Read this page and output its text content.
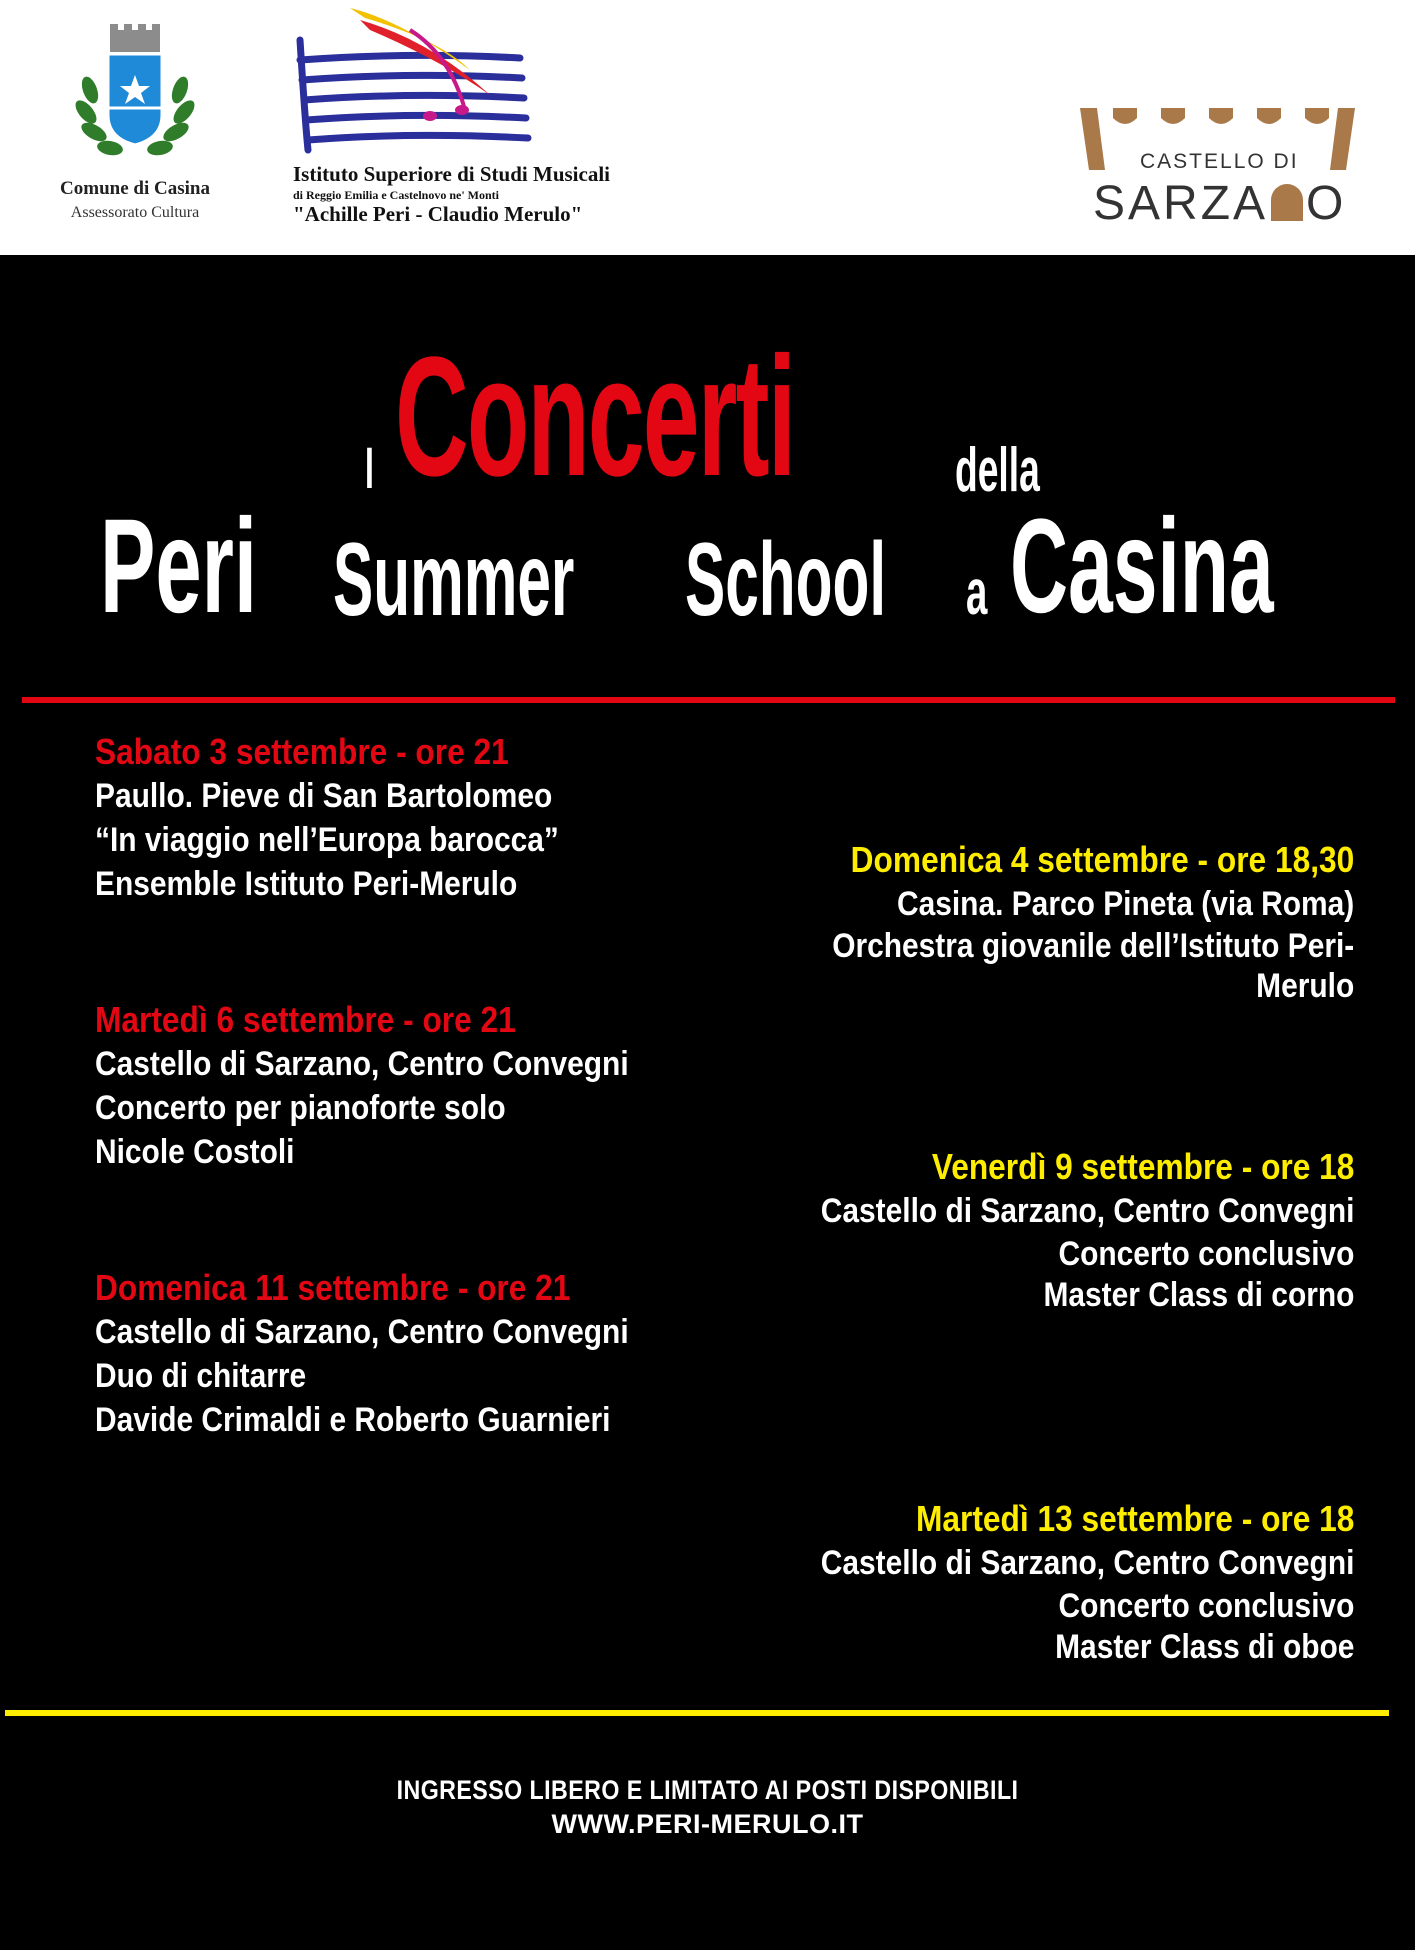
Comune di Casina
Assessorato Cultura
Istituto Superiore di Studi Musicali
di Reggio Emilia e Castelnovo ne' Monti
"Achille Peri - Claudio Merulo"
CASTELLO DI
SARZA O
I Concerti	della
Peri Summer School a Casina
Sabato 3 settembre - ore 21
Paullo. Pieve di San Bartolomeo
“In viaggio nell’Europa barocca”
Ensemble Istituto Peri-Merulo
Martedì 6 settembre - ore 21
Castello di Sarzano, Centro Convegni
Concerto per pianoforte solo
Nicole Costoli
Domenica 11 settembre - ore 21
Castello di Sarzano, Centro Convegni
Duo di chitarre
Davide Crimaldi e Roberto Guarnieri
Domenica 4 settembre - ore 18,30
Casina. Parco Pineta (via Roma)
Orchestra giovanile dell’Istituto Peri-
Merulo
Venerdì 9 settembre - ore 18
Castello di Sarzano, Centro Convegni
Concerto conclusivo
Master Class di corno
Martedì 13 settembre - ore 18
Castello di Sarzano, Centro Convegni
Concerto conclusivo
Master Class di oboe
INGRESSO LIBERO E LIMITATO AI POSTI DISPONIBILI
WWW.PERI-MERULO.IT
